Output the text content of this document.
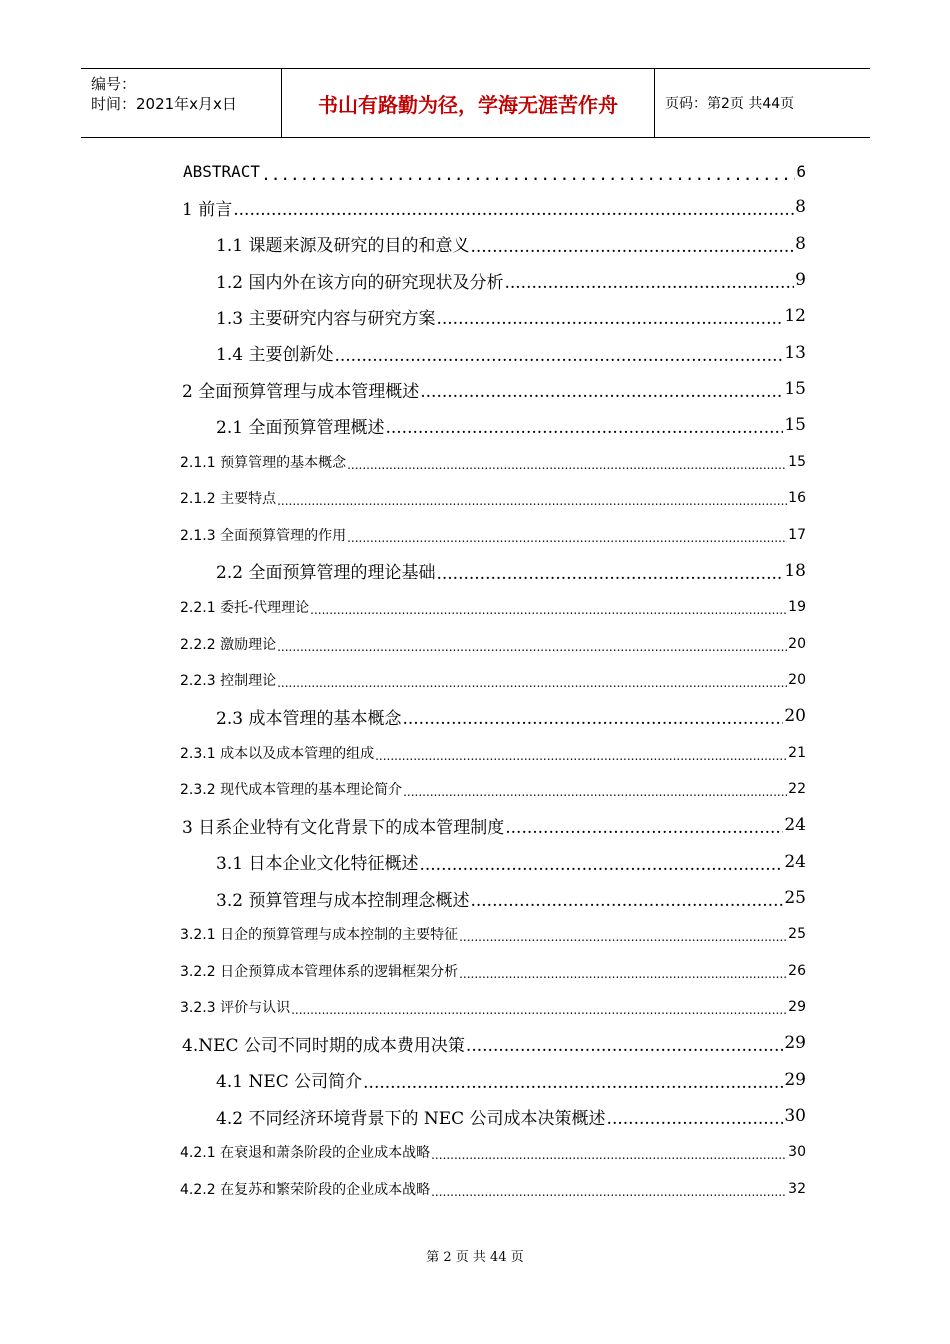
编号：
时间：2021年x月x日	书山有路勤为径，学海无涯苦作舟	页码：第2页 共44页
ABSTRACT .....	6
1 前言 .....	8
1.1 课题来源及研究的目的和意义 .....	8
1.2 国内外在该方向的研究现状及分析 .....	9
1.3 主要研究内容与研究方案 .....	12
1.4 主要创新处 .....	13
2 全面预算管理与成本管理概述 .....	15
2.1 全面预算管理概述 .....	15
2.1.1 预算管理的基本概念 .....	15
2.1.2 主要特点 .....	16
2.1.3 全面预算管理的作用 .....	17
2.2 全面预算管理的理论基础 .....	18
2.2.1 委托-代理理论 .....	19
2.2.2 激励理论 .....	20
2.2.3 控制理论 .....	20
2.3 成本管理的基本概念 .....	20
2.3.1 成本以及成本管理的组成 .....	21
2.3.2 现代成本管理的基本理论简介 .....	22
3 日系企业特有文化背景下的成本管理制度 .....	24
3.1 日本企业文化特征概述 .....	24
3.2 预算管理与成本控制理念概述 .....	25
3.2.1 日企的预算管理与成本控制的主要特征 .....	25
3.2.2 日企预算成本管理体系的逻辑框架分析 .....	26
3.2.3 评价与认识 .....	29
4.NEC 公司不同时期的成本费用决策 .....	29
4.1 NEC 公司简介 .....	29
4.2 不同经济环境背景下的 NEC 公司成本决策概述 .....	30
4.2.1 在衰退和萧条阶段的企业成本战略 .....	30
4.2.2 在复苏和繁荣阶段的企业成本战略 .....	32
第 2 页 共 44 页
